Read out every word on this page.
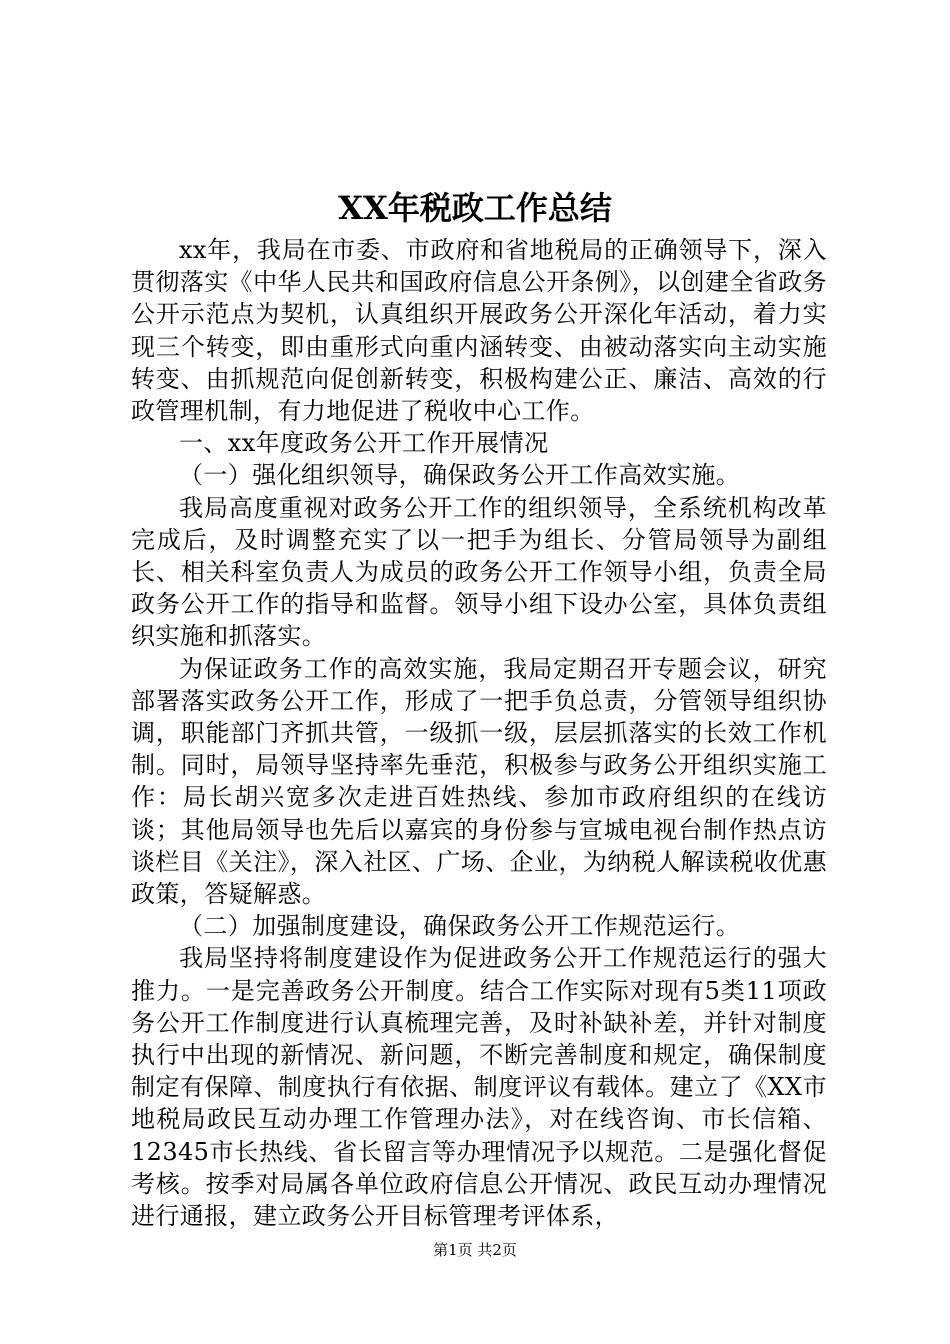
XX年税政工作总结

xx年，我局在市委、市政府和省地税局的正确领导下，深入贯彻落实《中华人民共和国政府信息公开条例》，以创建全省政务公开示范点为契机，认真组织开展政务公开深化年活动，着力实现三个转变，即由重形式向重内涵转变、由被动落实向主动实施转变、由抓规范向促创新转变，积极构建公正、廉洁、高效的行政管理机制，有力地促进了税收中心工作。

一、xx年度政务公开工作开展情况

（一）强化组织领导，确保政务公开工作高效实施。

我局高度重视对政务公开工作的组织领导，全系统机构改革完成后，及时调整充实了以一把手为组长、分管局领导为副组长、相关科室负责人为成员的政务公开工作领导小组，负责全局政务公开工作的指导和监督。领导小组下设办公室，具体负责组织实施和抓落实。

为保证政务工作的高效实施，我局定期召开专题会议，研究部署落实政务公开工作，形成了一把手负总责，分管领导组织协调，职能部门齐抓共管，一级抓一级，层层抓落实的长效工作机制。同时，局领导坚持率先垂范，积极参与政务公开组织实施工作：局长胡兴宽多次走进百姓热线、参加市政府组织的在线访谈；其他局领导也先后以嘉宾的身份参与宣城电视台制作热点访谈栏目《关注》，深入社区、广场、企业，为纳税人解读税收优惠政策，答疑解惑。

（二）加强制度建设，确保政务公开工作规范运行。

我局坚持将制度建设作为促进政务公开工作规范运行的强大推力。一是完善政务公开制度。结合工作实际对现有5类11项政务公开工作制度进行认真梳理完善，及时补缺补差，并针对制度执行中出现的新情况、新问题，不断完善制度和规定，确保制度制定有保障、制度执行有依据、制度评议有载体。建立了《XX市地税局政民互动办理工作管理办法》，对在线咨询、市长信箱、12345市长热线、省长留言等办理情况予以规范。二是强化督促考核。按季对局属各单位政府信息公开情况、政民互动办理情况进行通报，建立政务公开目标管理考评体系，

第1页 共2页
